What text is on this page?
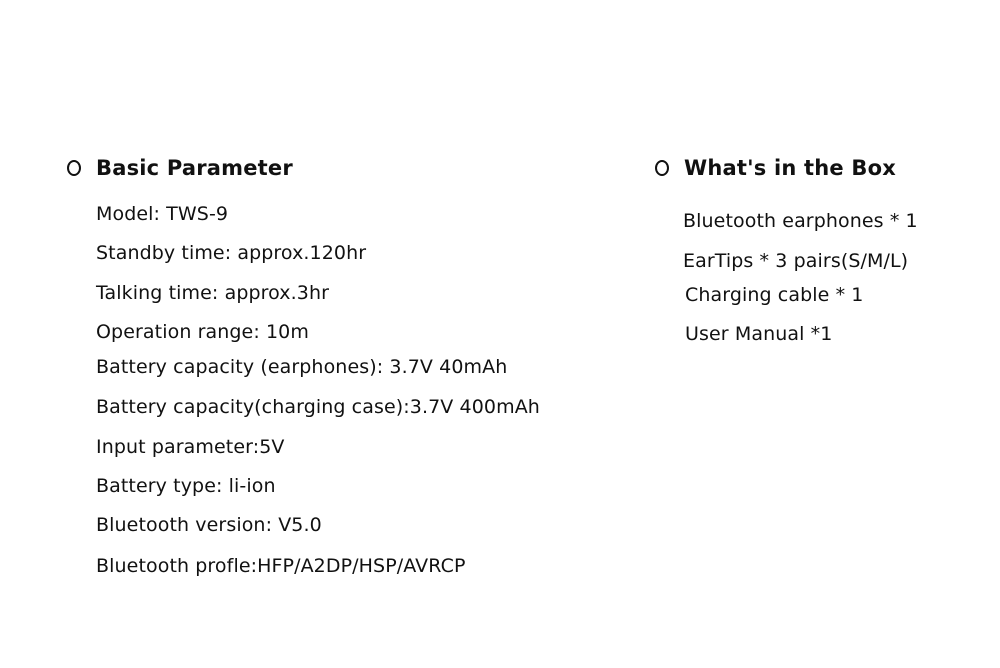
Basic Parameter
Model: TWS-9
Standby time: approx.120hr
Talking time: approx.3hr
Operation range: 10m
Battery capacity (earphones): 3.7V 40mAh
Battery capacity(charging case):3.7V 400mAh
Input parameter:5V
Battery type: li-ion
Bluetooth version: V5.0
Bluetooth profle:HFP/A2DP/HSP/AVRCP
What's in the Box
Bluetooth earphones * 1
EarTips * 3 pairs(S/M/L)
Charging cable * 1
User Manual *1
